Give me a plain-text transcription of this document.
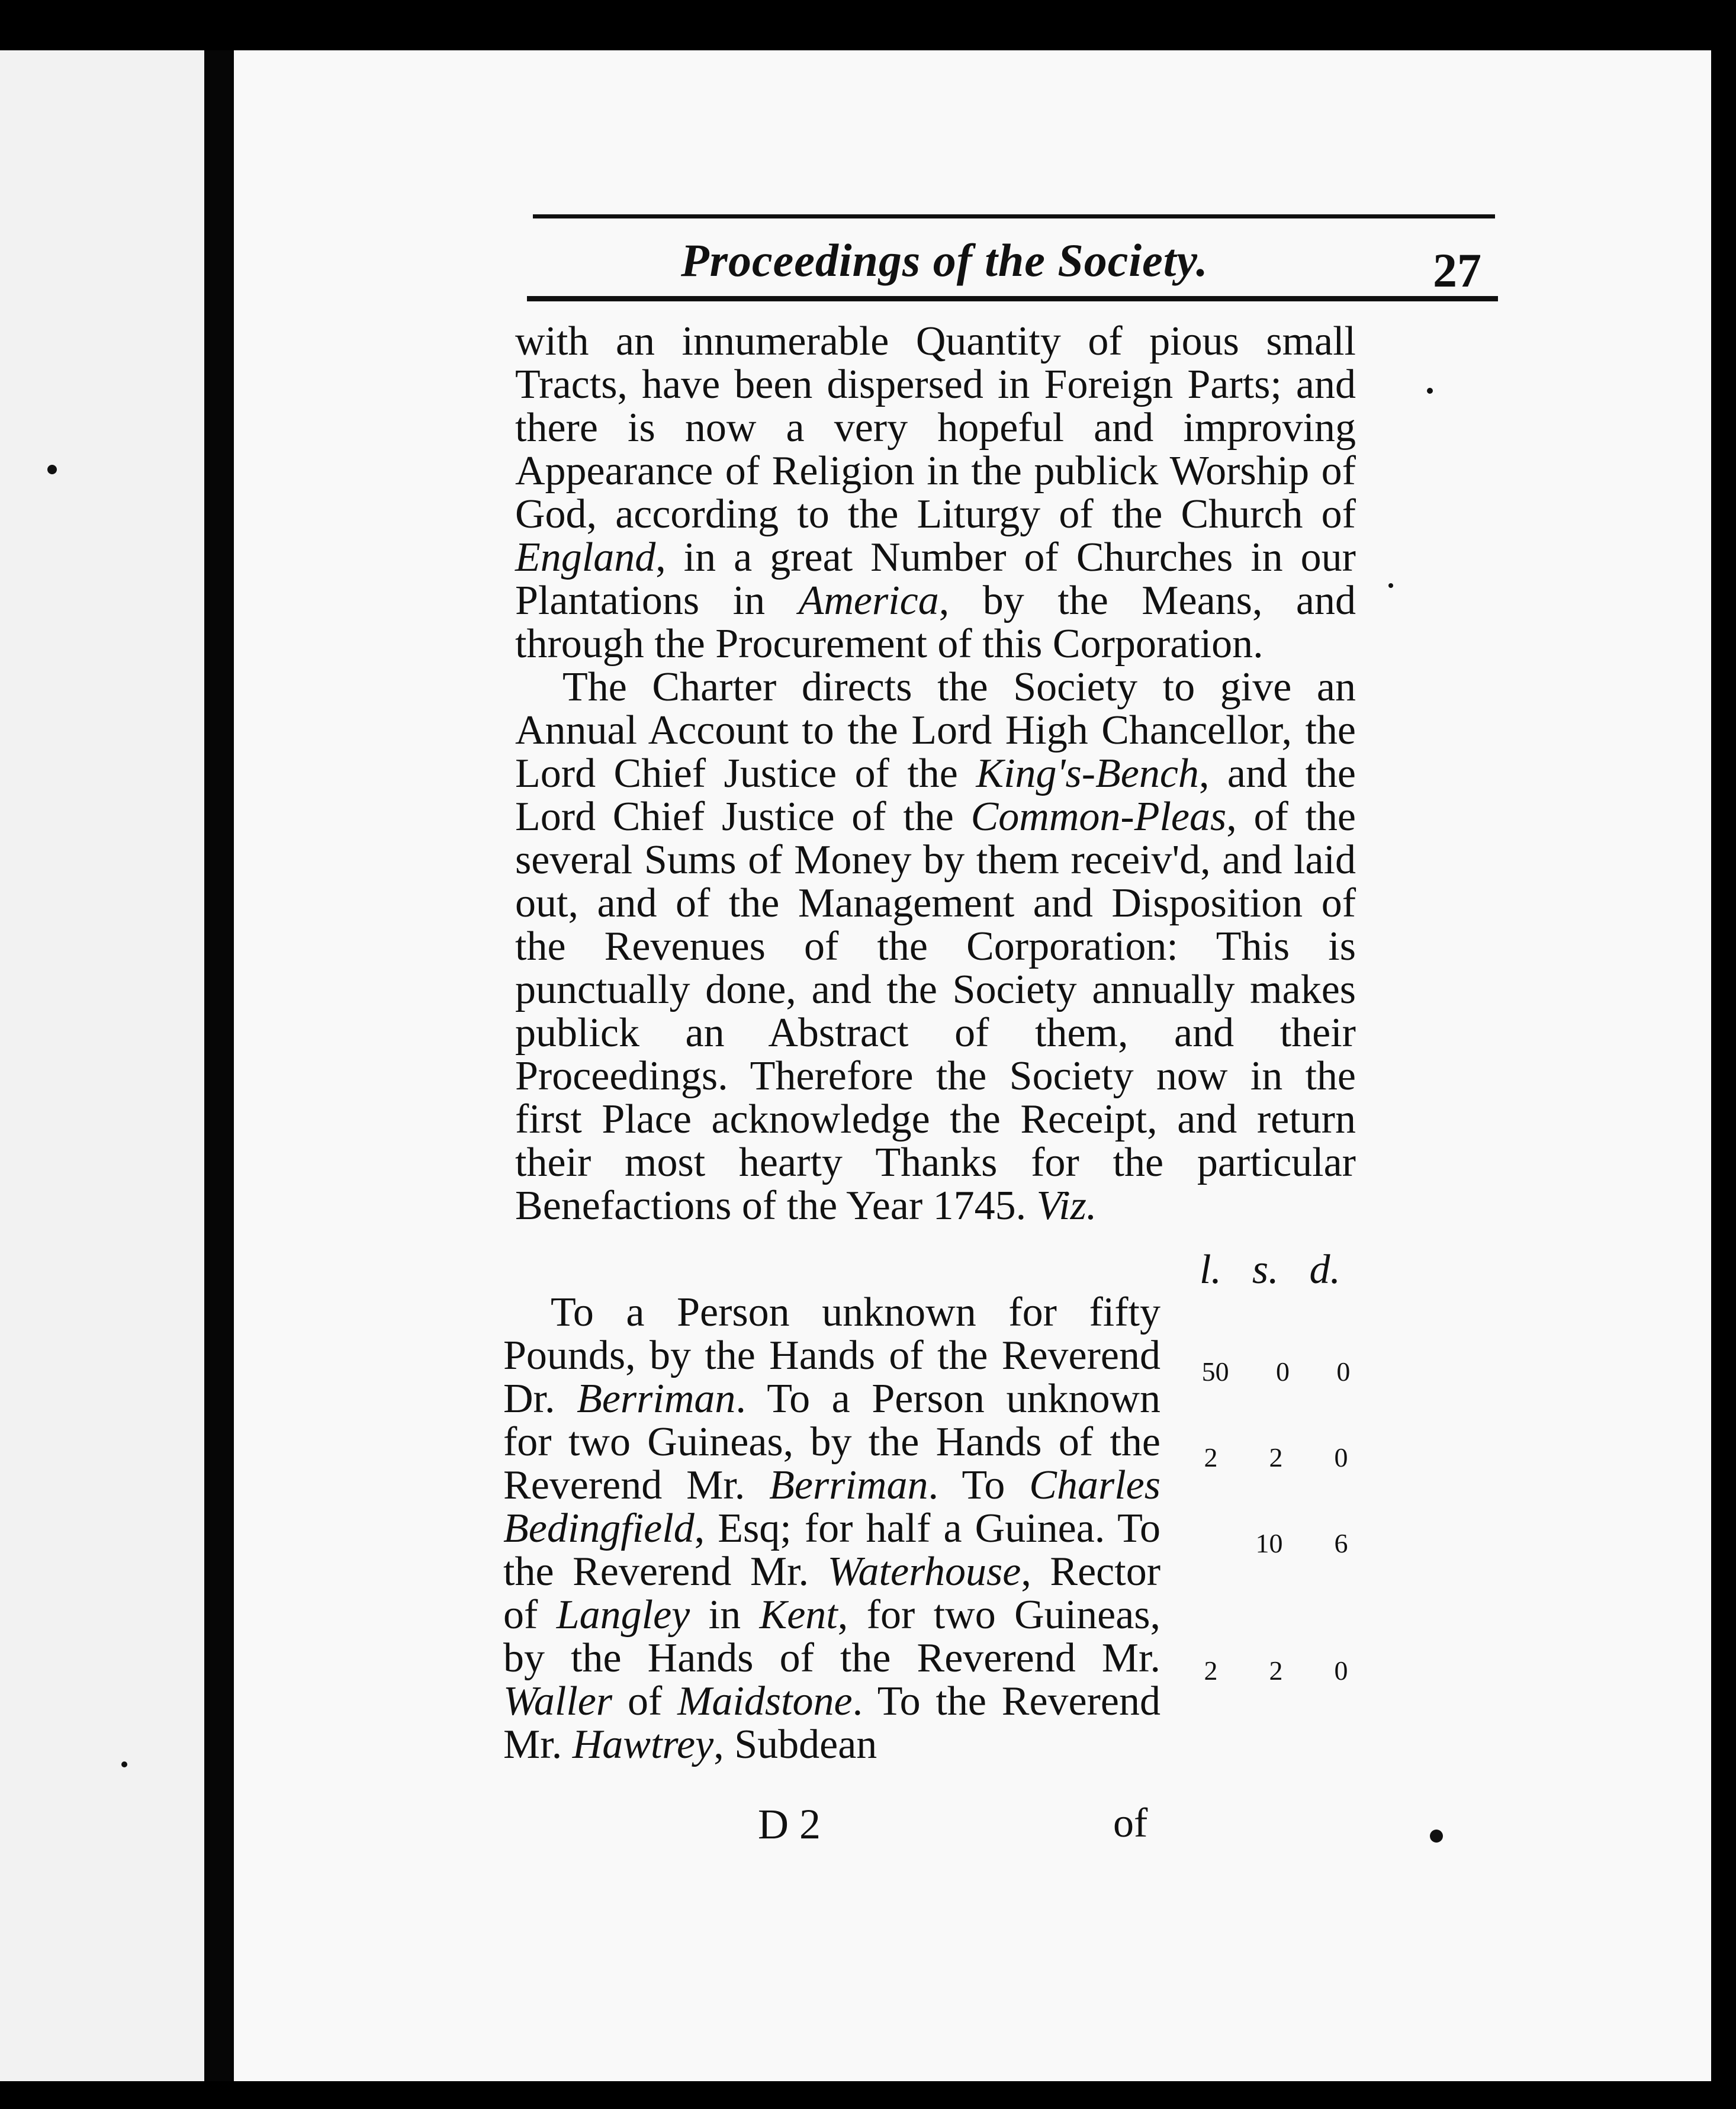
Proceedings of the Society.	27

with an innumerable Quantity of pious small Tracts, have been dispersed in Foreign Parts; and there is now a very hopeful and improving Appearance of Religion in the publick Worship of God, according to the Liturgy of the Church of England, in a great Number of Churches in our Plantations in America, by the Means, and through the Procurement of this Corporation.

The Charter directs the Society to give an Annual Account to the Lord High Chancellor, the Lord Chief Justice of the King's-Bench, and the Lord Chief Justice of the Common-Pleas, of the several Sums of Money by them receiv'd, and laid out, and of the Management and Disposition of the Revenues of the Corporation: This is punctually done, and the Society annually makes publick an Abstract of them, and their Proceedings. Therefore the Society now in the first Place acknowledge the Receipt, and return their most hearty Thanks for the particular Benefactions of the Year 1745. Viz.

l. s. d.

To a Person unknown for fifty Pounds, by the Hands of the Reverend Dr. Berriman. To a Person unknown for two Guineas, by the Hands of the Reverend Mr. Berriman. To Charles Bedingfield, Esq; for half a Guinea. To the Reverend Mr. Waterhouse, Rector of Langley in Kent, for two Guineas, by the Hands of the Reverend Mr. Waller of Maidstone. To the Reverend Mr. Hawtrey, Subdean

50 0 0
2 2 0
10 6
2 2 0
D 2	of
